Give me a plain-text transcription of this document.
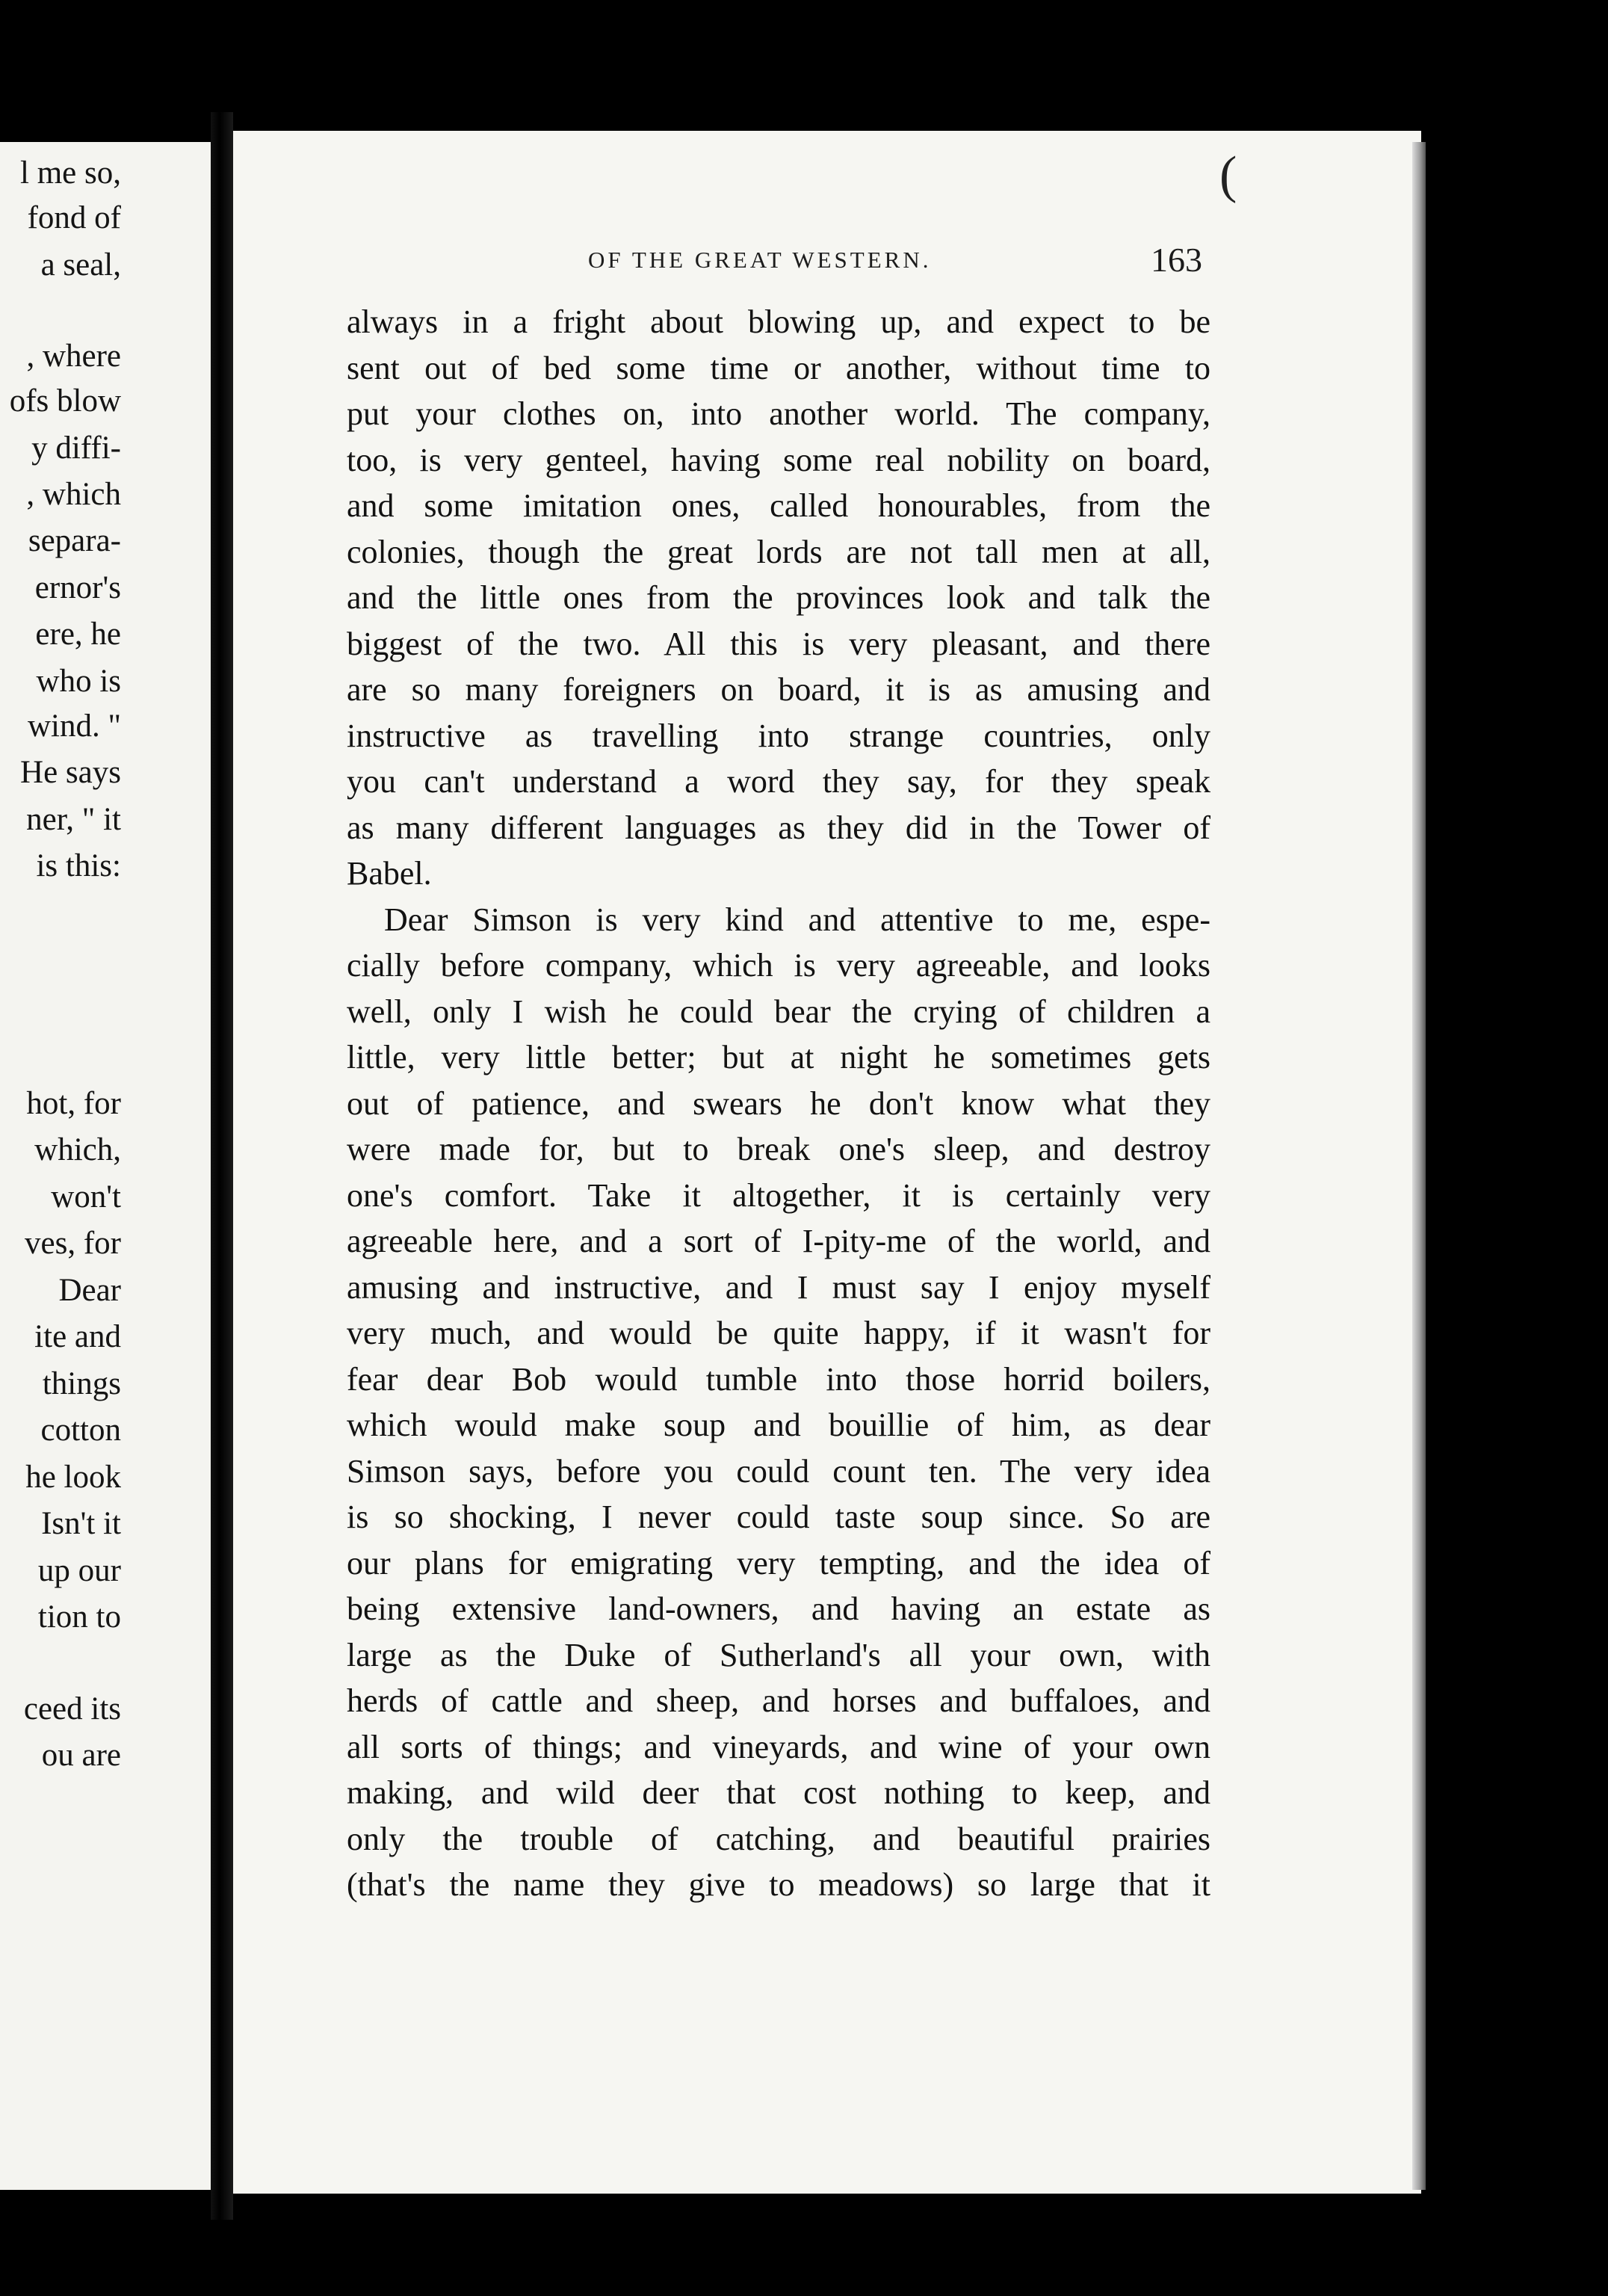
l me so,
fond of
a seal,
, where
ofs blow
y diffi-
, which
separa-
ernor's
ere, he
who is
wind. "
He says
ner, " it
is this:
hot, for
which,
won't
ves, for
Dear
ite and
things
cotton
he look
Isn't it
up our
tion to
ceed its
ou are
OF THE GREAT WESTERN.	163
always in a fright about blowing up, and expect to be
sent out of bed some time or another, without time to
put your clothes on, into another world. The company,
too, is very genteel, having some real nobility on board,
and some imitation ones, called honourables, from the
colonies, though the great lords are not tall men at all,
and the little ones from the provinces look and talk the
biggest of the two. All this is very pleasant, and there
are so many foreigners on board, it is as amusing and
instructive as travelling into strange countries, only
you can't understand a word they say, for they speak
as many different languages as they did in the Tower of
Babel.
Dear Simson is very kind and attentive to me, espe-
cially before company, which is very agreeable, and looks
well, only I wish he could bear the crying of children a
little, very little better; but at night he sometimes gets
out of patience, and swears he don't know what they
were made for, but to break one's sleep, and destroy
one's comfort. Take it altogether, it is certainly very
agreeable here, and a sort of I-pity-me of the world, and
amusing and instructive, and I must say I enjoy myself
very much, and would be quite happy, if it wasn't for
fear dear Bob would tumble into those horrid boilers,
which would make soup and bouillie of him, as dear
Simson says, before you could count ten. The very idea
is so shocking, I never could taste soup since. So are
our plans for emigrating very tempting, and the idea of
being extensive land-owners, and having an estate as
large as the Duke of Sutherland's all your own, with
herds of cattle and sheep, and horses and buffaloes, and
all sorts of things; and vineyards, and wine of your own
making, and wild deer that cost nothing to keep, and
only the trouble of catching, and beautiful prairies
(that's the name they give to meadows) so large that it
(
